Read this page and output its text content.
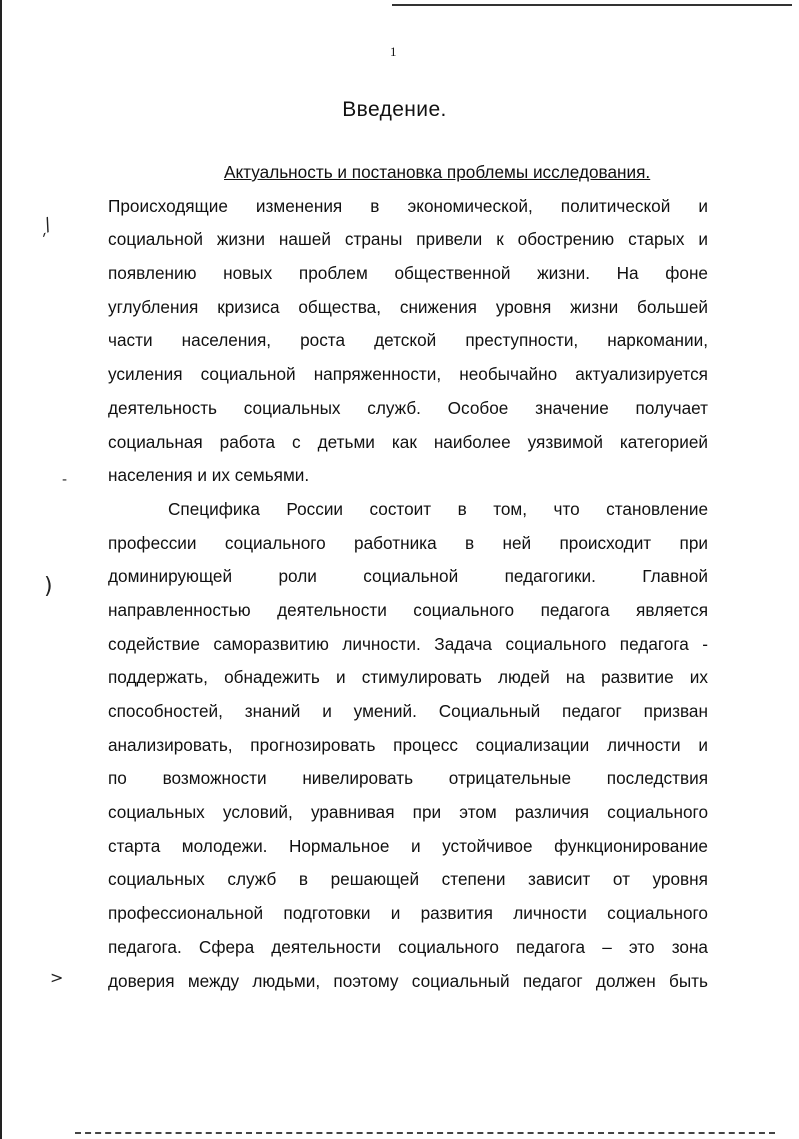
ˏ/
-
)
>
1
Введение.
Актуальность и постановка проблемы исследования.
Происходящие изменения в экономической, политической и
социальной жизни нашей страны привели к обострению старых и
появлению новых проблем общественной жизни. На фоне
углубления кризиса общества, снижения уровня жизни большей
части населения, роста детской преступности, наркомании,
усиления социальной напряженности, необычайно актуализируется
деятельность социальных служб. Особое значение получает
социальная работа с детьми как наиболее уязвимой категорией
населения и их семьями.
Специфика России состоит в том, что становление
профессии социального работника в ней происходит при
доминирующей роли социальной педагогики. Главной
направленностью деятельности социального педагога является
содействие саморазвитию личности. Задача социального педагога -
поддержать, обнадежить и стимулировать людей на развитие их
способностей, знаний и умений. Социальный педагог призван
анализировать, прогнозировать процесс социализации личности и
по возможности нивелировать отрицательные последствия
социальных условий, уравнивая при этом различия социального
старта молодежи. Нормальное и устойчивое функционирование
социальных служб в решающей степени зависит от уровня
профессиональной подготовки и развития личности социального
педагога. Сфера деятельности социального педагога – это зона
доверия между людьми, поэтому социальный педагог должен быть
